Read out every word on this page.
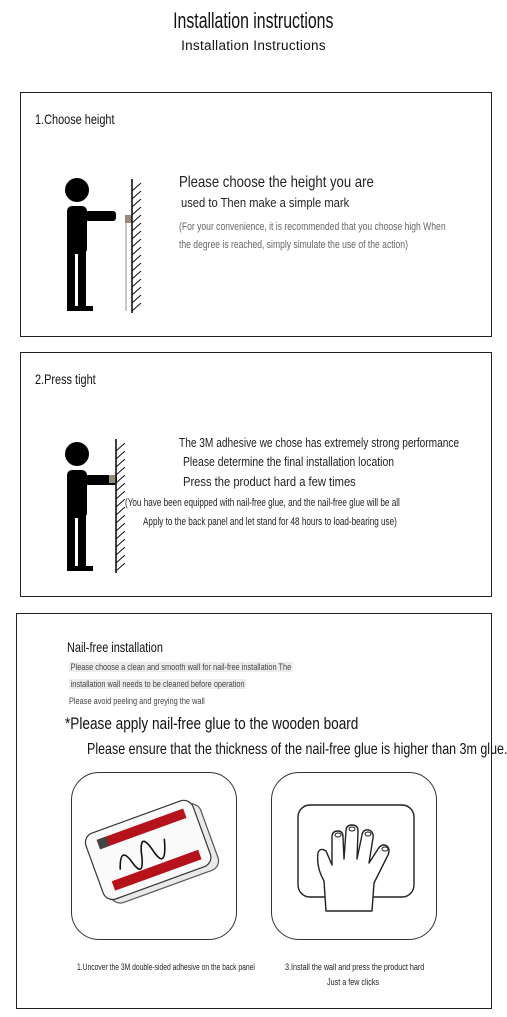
Installation instructions
Installation Instructions
1.Choose height
Please choose the height you are
used to Then make a simple mark
(For your convenience, it is recommended that you choose high When
the degree is reached, simply simulate the use of the action)
2.Press tight
The 3M adhesive we chose has extremely strong performance
Please determine the final installation location
Press the product hard a few times
(You have been equipped with nail-free glue, and the nail-free glue will be all
Apply to the back panel and let stand for 48 hours to load-bearing use)
Nail-free installation
Please choose a clean and smooth wall for nail-free installation The
installation wall needs to be cleaned before operation
Please avoid peeling and greying the wall
*Please apply nail-free glue to the wooden board
Please ensure that the thickness of the nail-free glue is higher than 3m glue.
1.Uncover the 3M double-sided adhesive on the back panel	3.Install the wall and press the product hard
Just a few clicks
